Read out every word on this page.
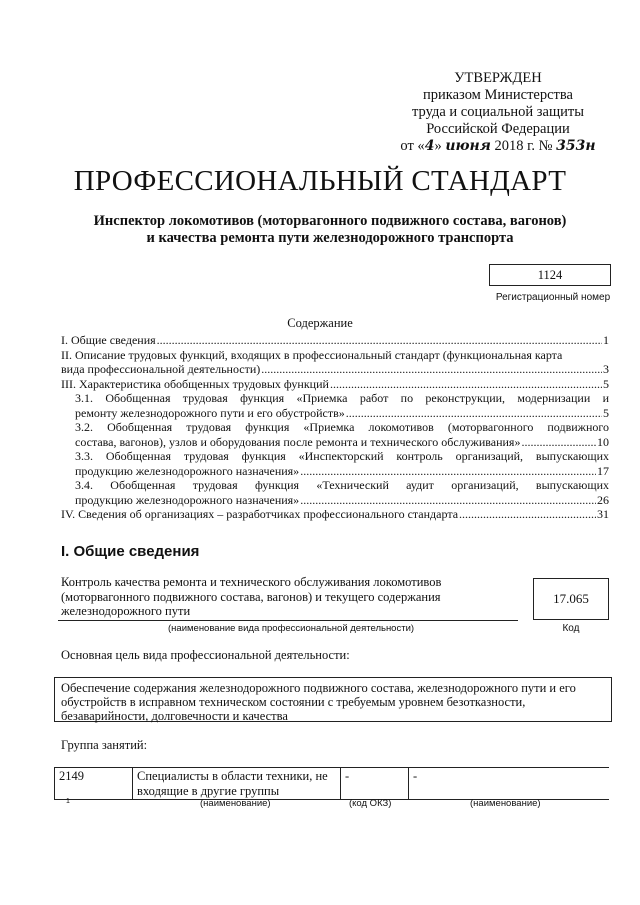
УТВЕРЖДЕН
приказом Министерства
труда и социальной защиты
Российской Федерации
от «4» июня 2018 г. № 353н
ПРОФЕССИОНАЛЬНЫЙ СТАНДАРТ
Инспектор локомотивов (моторвагонного подвижного состава, вагонов)
и качества ремонта пути железнодорожного транспорта
1124
Регистрационный номер
Содержание
I. Общие сведения .....	1
II. Описание трудовых функций, входящих в профессиональный стандарт (функциональная карта
вида профессиональной деятельности) .....	3
III. Характеристика обобщенных трудовых функций .....	5
3.1. Обобщенная трудовая функция «Приемка работ по реконструкции, модернизации и
ремонту железнодорожного пути и его обустройств» .....	5
3.2. Обобщенная трудовая функция «Приемка локомотивов (моторвагонного подвижного
состава, вагонов), узлов и оборудования после ремонта и технического обслуживания» .....	10
3.3. Обобщенная трудовая функция «Инспекторский контроль организаций, выпускающих
продукцию железнодорожного назначения» .....	17
3.4. Обобщенная трудовая функция «Технический аудит организаций, выпускающих
продукцию железнодорожного назначения» .....	26
IV. Сведения об организациях – разработчиках профессионального стандарта .....	31
I. Общие сведения
Контроль качества ремонта и технического обслуживания локомотивов (моторвагонного подвижного состава, вагонов) и текущего содержания железнодорожного пути
(наименование вида профессиональной деятельности)
17.065
Код
Основная цель вида профессиональной деятельности:
Обеспечение содержания железнодорожного подвижного состава, железнодорожного пути и его обустройств в исправном техническом состоянии с требуемым уровнем безотказности, безаварийности, долговечности и качества
Группа занятий:
2149	Специалисты в области техники, не входящие в другие группы	-	-
$^1$	(наименование)	(код ОКЗ)	(наименование)
